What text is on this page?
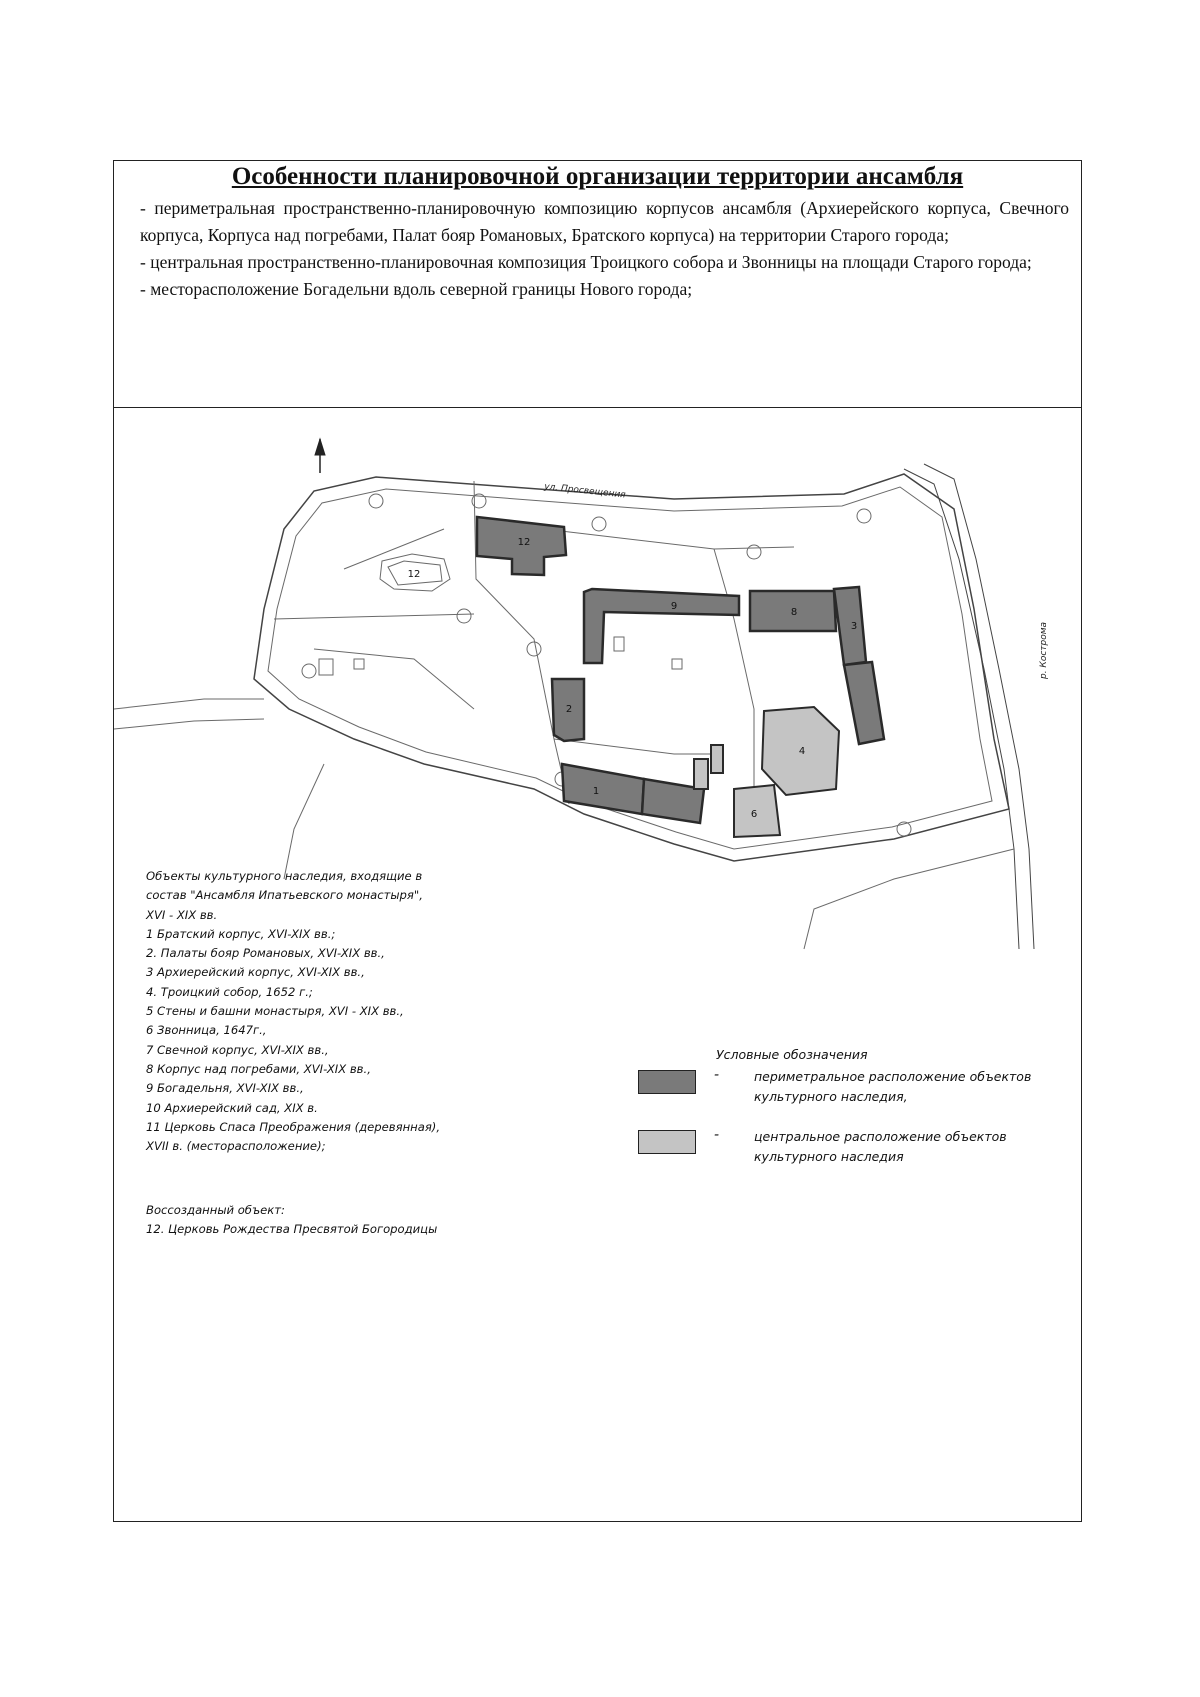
Особенности планировочной организации территории ансамбля

- периметральная пространственно-планировочную композицию корпусов ансамбля (Архиерейского корпуса, Свечного корпуса, Корпуса над погребами, Палат бояр Романовых, Братского корпуса) на территории Старого города;

- центральная пространственно-планировочная композиция Троицкого собора и Звонницы на площади Старого города;

- месторасположение Богадельни вдоль северной границы Нового города;

12
9
8
3
2
1
4
6
12
ул. Просвещения
р. Кострома
Объекты культурного наследия, входящие в
состав "Ансамбля Ипатьевского монастыря",
XVI - XIX вв.
1 Братский корпус, XVI-XIX вв.;
2. Палаты бояр Романовых, XVI-XIX вв.,
3 Архиерейский корпус, XVI-XIX вв.,
4. Троицкий собор, 1652 г.;
5 Стены и башни монастыря, XVI - XIX вв.,
6 Звонница, 1647г.,
7 Свечной корпус, XVI-XIX вв.,
8 Корпус над погребами, XVI-XIX вв.,
9 Богадельня, XVI-XIX вв.,
10 Архиерейский сад, XIX в.
11 Церковь Спаса Преображения (деревянная),
XVII в. (месторасположение);
Воссозданный объект:
12. Церковь Рождества Пресвятой Богородицы
Условные обозначения
-	периметральное расположение объектов культурного наследия,
-	центральное расположение объектов культурного наследия
